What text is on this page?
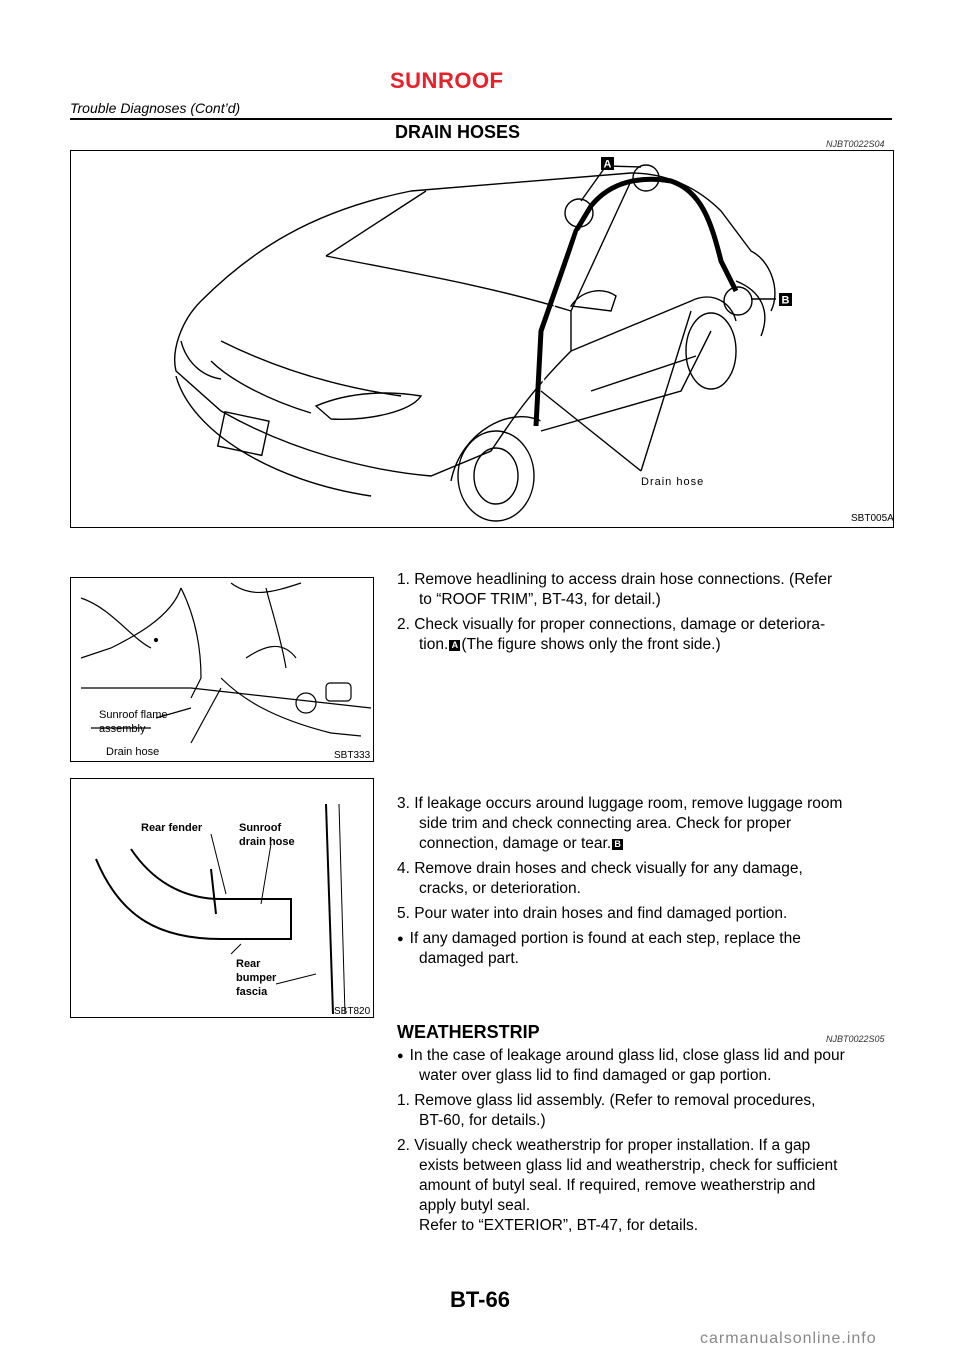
SUNROOF
Trouble Diagnoses (Cont’d)
DRAIN HOSES
NJBT0022S04
A
B
Drain hose
SBT005A
Sunroof flame
assembly
Drain hose	SBT333
Rear fender	Sunroof
drain hose
Rear
bumper
fascia
SBT820
1. Remove headlining to access drain hose connections. (Refer
to “ROOF TRIM”, BT-43, for detail.)
2. Check visually for proper connections, damage or deteriora-
tion. A (The figure shows only the front side.)
3. If leakage occurs around luggage room, remove luggage room
side trim and check connecting area. Check for proper
connection, damage or tear. B
4. Remove drain hoses and check visually for any damage,
cracks, or deterioration.
5. Pour water into drain hoses and find damaged portion.
● If any damaged portion is found at each step, replace the
damaged part.
WEATHERSTRIP	NJBT0022S05
● In the case of leakage around glass lid, close glass lid and pour
water over glass lid to find damaged or gap portion.
1. Remove glass lid assembly. (Refer to removal procedures,
BT-60, for details.)
2. Visually check weatherstrip for proper installation. If a gap
exists between glass lid and weatherstrip, check for sufficient
amount of butyl seal. If required, remove weatherstrip and
apply butyl seal.
Refer to “EXTERIOR”, BT-47, for details.
BT-66
carmanualsonline.info
